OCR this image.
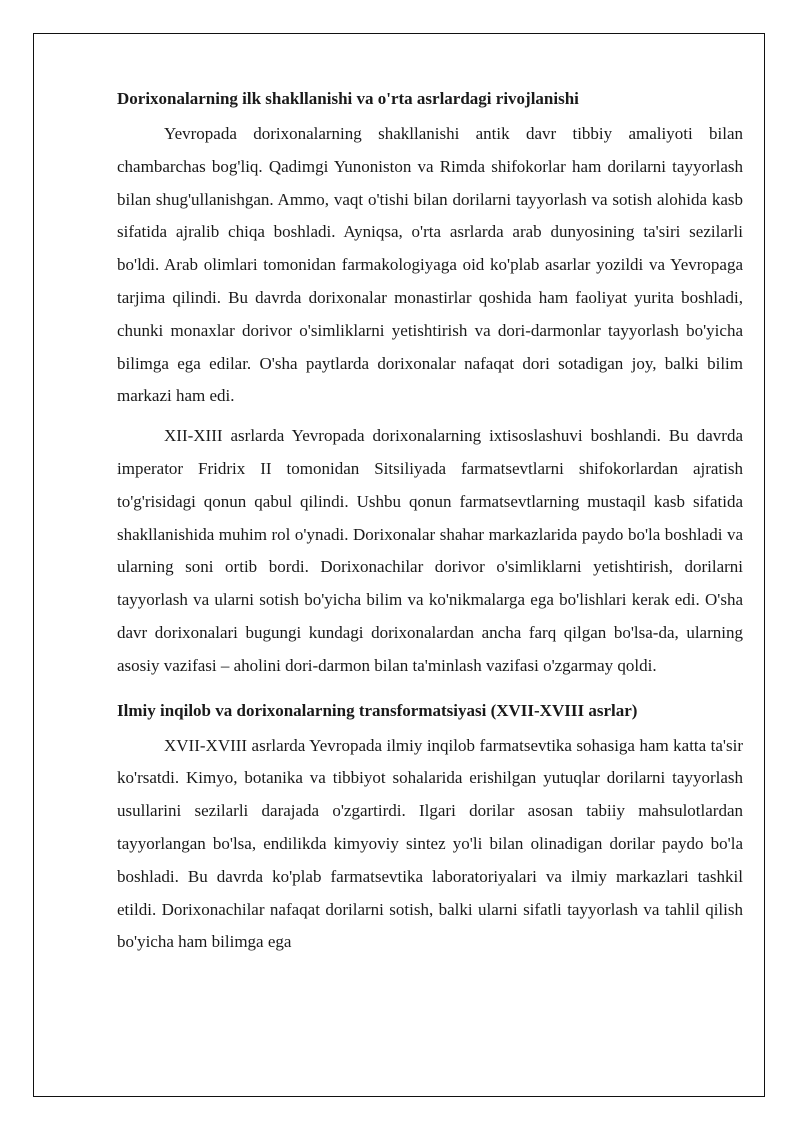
Dorixonalarning ilk shakllanishi va o'rta asrlardagi rivojlanishi

Yevropada dorixonalarning shakllanishi antik davr tibbiy amaliyoti bilan chambarchas bog'liq. Qadimgi Yunoniston va Rimda shifokorlar ham dorilarni tayyorlash bilan shug'ullanishgan. Ammo, vaqt o'tishi bilan dorilarni tayyorlash va sotish alohida kasb sifatida ajralib chiqa boshladi. Ayniqsa, o'rta asrlarda arab dunyosining ta'siri sezilarli bo'ldi. Arab olimlari tomonidan farmakologiyaga oid ko'plab asarlar yozildi va Yevropaga tarjima qilindi. Bu davrda dorixonalar monastirlar qoshida ham faoliyat yurita boshladi, chunki monaxlar dorivor o'simliklarni yetishtirish va dori-darmonlar tayyorlash bo'yicha bilimga ega edilar. O'sha paytlarda dorixonalar nafaqat dori sotadigan joy, balki bilim markazi ham edi.

XII-XIII asrlarda Yevropada dorixonalarning ixtisoslashuvi boshlandi. Bu davrda imperator Fridrix II tomonidan Sitsiliyada farmatsevtlarni shifokorlardan ajratish to'g'risidagi qonun qabul qilindi. Ushbu qonun farmatsevtlarning mustaqil kasb sifatida shakllanishida muhim rol o'ynadi. Dorixonalar shahar markazlarida paydo bo'la boshladi va ularning soni ortib bordi. Dorixonachilar dorivor o'simliklarni yetishtirish, dorilarni tayyorlash va ularni sotish bo'yicha bilim va ko'nikmalarga ega bo'lishlari kerak edi. O'sha davr dorixonalari bugungi kundagi dorixonalardan ancha farq qilgan bo'lsa-da, ularning asosiy vazifasi – aholini dori-darmon bilan ta'minlash vazifasi o'zgarmay qoldi.

Ilmiy inqilob va dorixonalarning transformatsiyasi (XVII-XVIII asrlar)

XVII-XVIII asrlarda Yevropada ilmiy inqilob farmatsevtika sohasiga ham katta ta'sir ko'rsatdi. Kimyo, botanika va tibbiyot sohalarida erishilgan yutuqlar dorilarni tayyorlash usullarini sezilarli darajada o'zgartirdi. Ilgari dorilar asosan tabiiy mahsulotlardan tayyorlangan bo'lsa, endilikda kimyoviy sintez yo'li bilan olinadigan dorilar paydo bo'la boshladi. Bu davrda ko'plab farmatsevtika laboratoriyalari va ilmiy markazlari tashkil etildi. Dorixonachilar nafaqat dorilarni sotish, balki ularni sifatli tayyorlash va tahlil qilish bo'yicha ham bilimga ega
